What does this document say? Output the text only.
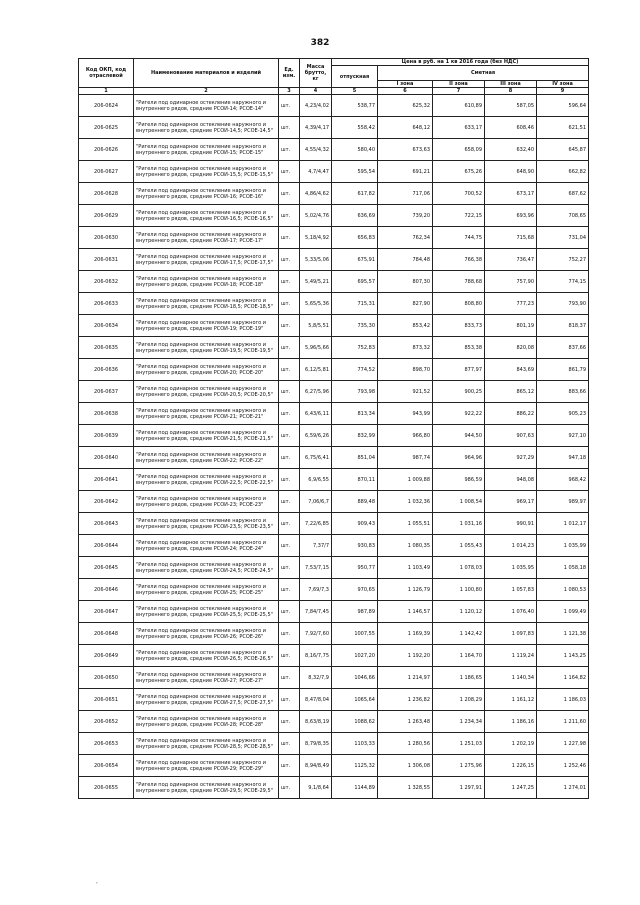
382
Код ОКП, код отраслевой	Наименование материалов и изделий	Ед. изм.	Масса брутто, кг	Цена в руб. на 1 кв 2016 года (без НДС)				
				отпускная	Сметная			
					I зона	II зона	III зона	IV зона
1	2	3	4	5	6	7	8	9
206-0624	"Ригели под одинарное остекление наружного и внутреннего рядов, средние РСОИ-14; РСОЕ-14"	шт.	4,23/4,02	538,77	625,32	610,89	587,05	596,64
206-0625	"Ригели под одинарное остекление наружного и внутреннего рядов, средние РСОИ-14,5; РСОЕ-14,5"	шт.	4,39/4,17	558,42	648,12	633,17	608,46	621,51
206-0626	"Ригели под одинарное остекление наружного и внутреннего рядов, средние РСОИ-15; РСОЕ-15"	шт.	4,55/4,32	580,40	673,63	658,09	632,40	645,87
206-0627	"Ригели под одинарное остекление наружного и внутреннего рядов, средние РСОИ-15,5; РСОЕ-15,5"	шт.	4,7/4,47	595,54	691,21	675,26	648,90	662,82
206-0628	"Ригели под одинарное остекление наружного и внутреннего рядов, средние РСОИ-16; РСОЕ-16"	шт.	4,86/4,62	617,82	717,06	700,52	673,17	687,62
206-0629	"Ригели под одинарное остекление наружного и внутреннего рядов, средние РСОИ-16,5; РСОЕ-16,5"	шт.	5,02/4,76	636,69	739,20	722,15	693,96	708,65
206-0630	"Ригели под одинарное остекление наружного и внутреннего рядов, средние РСОИ-17; РСОЕ-17"	шт.	5,18/4,92	656,83	762,34	744,75	715,68	731,04
206-0631	"Ригели под одинарное остекление наружного и внутреннего рядов, средние РСОИ-17,5; РСОЕ-17,5"	шт.	5,33/5,06	675,91	784,48	766,38	736,47	752,27
206-0632	"Ригели под одинарное остекление наружного и внутреннего рядов, средние РСОИ-18; РСОЕ-18"	шт.	5,49/5,21	695,57	807,30	788,68	757,90	774,15
206-0633	"Ригели под одинарное остекление наружного и внутреннего рядов, средние РСОИ-18,5; РСОЕ-18,5"	шт.	5,65/5,36	715,31	827,90	808,80	777,23	793,90
206-0634	"Ригели под одинарное остекление наружного и внутреннего рядов, средние РСОИ-19; РСОЕ-19"	шт.	5,8/5,51	735,30	853,42	833,73	801,19	818,37
206-0635	"Ригели под одинарное остекление наружного и внутреннего рядов, средние РСОИ-19,5; РСОЕ-19,5"	шт.	5,96/5,66	752,83	873,32	853,38	820,08	837,66
206-0636	"Ригели под одинарное остекление наружного и внутреннего рядов, средние РСОИ-20; РСОЕ-20"	шт.	6,12/5,81	774,52	898,70	877,97	843,69	861,79
206-0637	"Ригели под одинарное остекление наружного и внутреннего рядов, средние РСОИ-20,5; РСОЕ-20,5"	шт.	6,27/5,96	793,98	921,52	900,25	865,12	883,66
206-0638	"Ригели под одинарное остекление наружного и внутреннего рядов, средние РСОИ-21; РСОЕ-21"	шт.	6,43/6,11	813,34	943,99	922,22	886,22	905,23
206-0639	"Ригели под одинарное остекление наружного и внутреннего рядов, средние РСОИ-21,5; РСОЕ-21,5"	шт.	6,59/6,26	832,99	966,80	944,50	907,63	927,10
206-0640	"Ригели под одинарное остекление наружного и внутреннего рядов, средние РСОИ-22; РСОЕ-22"	шт.	6,75/6,41	851,04	987,74	964,96	927,29	947,18
206-0641	"Ригели под одинарное остекление наружного и внутреннего рядов, средние РСОИ-22,5; РСОЕ-22,5"	шт.	6,9/6,55	870,11	1 009,88	986,59	948,08	968,42
206-0642	"Ригели под одинарное остекление наружного и внутреннего рядов, средние РСОИ-23; РСОЕ-23"	шт.	7,06/6,7	889,48	1 032,36	1 008,54	969,17	989,97
206-0643	"Ригели под одинарное остекление наружного и внутреннего рядов, средние РСОИ-23,5; РСОЕ-23,5"	шт.	7,22/6,85	909,43	1 055,51	1 031,16	990,91	1 012,17
206-0644	"Ригели под одинарное остекление наружного и внутреннего рядов, средние РСОИ-24; РСОЕ-24"	шт.	7,37/7	930,83	1 080,35	1 055,43	1 014,23	1 035,99
206-0645	"Ригели под одинарное остекление наружного и внутреннего рядов, средние РСОИ-24,5; РСОЕ-24,5"	шт.	7,53/7,15	950,77	1 103,49	1 078,03	1 035,95	1 058,18
206-0646	"Ригели под одинарное остекление наружного и внутреннего рядов, средние РСОИ-25; РСОЕ-25"	шт.	7,69/7,3	970,65	1 126,79	1 100,80	1 057,83	1 080,53
206-0647	"Ригели под одинарное остекление наружного и внутреннего рядов, средние РСОИ-25,5; РСОЕ-25,5"	шт.	7,84/7,45	987,89	1 146,57	1 120,12	1 076,40	1 099,49
206-0648	"Ригели под одинарное остекление наружного и внутреннего рядов, средние РСОИ-26; РСОЕ-26"	шт.	7,92/7,60	1007,55	1 169,39	1 142,42	1 097,83	1 121,38
206-0649	"Ригели под одинарное остекление наружного и внутреннего рядов, средние РСОИ-26,5; РСОЕ-26,5"	шт.	8,16/7,75	1027,20	1 192,20	1 164,70	1 119,24	1 143,25
206-0650	"Ригели под одинарное остекление наружного и внутреннего рядов, средние РСОИ-27; РСОЕ-27"	шт.	8,32/7,9	1046,66	1 214,97	1 186,65	1 140,34	1 164,82
206-0651	"Ригели под одинарное остекление наружного и внутреннего рядов, средние РСОИ-27,5; РСОЕ-27,5"	шт.	8,47/8,04	1065,64	1 236,82	1 208,29	1 161,12	1 186,03
206-0652	"Ригели под одинарное остекление наружного и внутреннего рядов, средние РСОИ-28; РСОЕ-28"	шт.	8,63/8,19	1088,62	1 263,48	1 234,34	1 186,16	1 211,60
206-0653	"Ригели под одинарное остекление наружного и внутреннего рядов, средние РСОИ-28,5; РСОЕ-28,5"	шт.	8,79/8,35	1103,33	1 280,56	1 251,03	1 202,19	1 227,98
206-0654	"Ригели под одинарное остекление наружного и внутреннего рядов, средние РСОИ-29; РСОЕ-29"	шт.	8,94/8,49	1125,32	1 306,08	1 275,96	1 226,15	1 252,46
206-0655	"Ригели под одинарное остекление наружного и внутреннего рядов, средние РСОИ-29,5; РСОЕ-29,5"	шт.	9,1/8,64	1144,89	1 328,55	1 297,91	1 247,25	1 274,01
,
